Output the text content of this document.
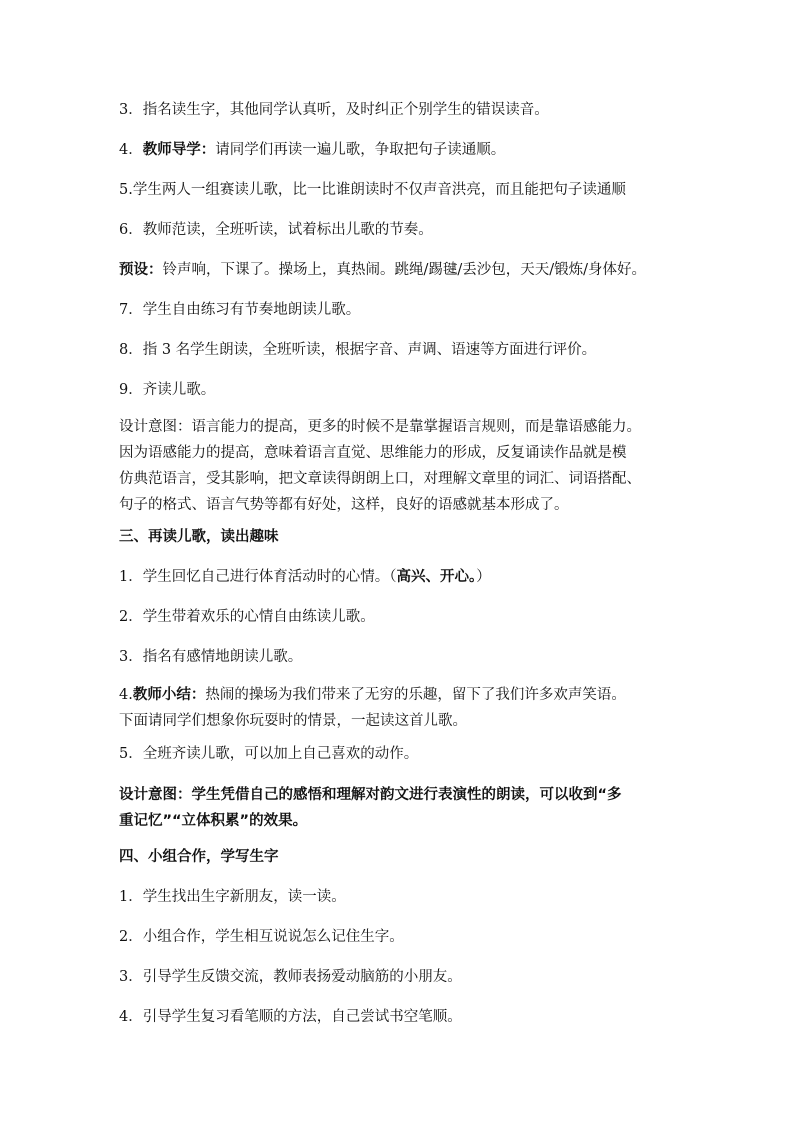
3．指名读生字，其他同学认真听，及时纠正个别学生的错误读音。
4．教师导学：请同学们再读一遍儿歌，争取把句子读通顺。
5.学生两人一组赛读儿歌，比一比谁朗读时不仅声音洪亮，而且能把句子读通顺
6．教师范读，全班听读，试着标出儿歌的节奏。
预设：铃声响，下课了。操场上，真热闹。跳绳/踢毽/丢沙包，天天/锻炼/身体好。
7．学生自由练习有节奏地朗读儿歌。
8．指 3 名学生朗读，全班听读，根据字音、声调、语速等方面进行评价。
9．齐读儿歌。
设计意图：语言能力的提高，更多的时候不是靠掌握语言规则，而是靠语感能力。
因为语感能力的提高，意味着语言直觉、思维能力的形成，反复诵读作品就是模
仿典范语言，受其影响，把文章读得朗朗上口，对理解文章里的词汇、词语搭配、
句子的格式、语言气势等都有好处，这样，良好的语感就基本形成了。
三、再读儿歌，读出趣味
1．学生回忆自己进行体育活动时的心情。（高兴、开心。）
2．学生带着欢乐的心情自由练读儿歌。
3．指名有感情地朗读儿歌。
4.教师小结：热闹的操场为我们带来了无穷的乐趣，留下了我们许多欢声笑语。
下面请同学们想象你玩耍时的情景，一起读这首儿歌。
5．全班齐读儿歌，可以加上自己喜欢的动作。
设计意图：学生凭借自己的感悟和理解对韵文进行表演性的朗读，可以收到“多
重记忆”“立体积累”的效果。
四、小组合作，学写生字
1．学生找出生字新朋友，读一读。
2．小组合作，学生相互说说怎么记住生字。
3．引导学生反馈交流，教师表扬爱动脑筋的小朋友。
4．引导学生复习看笔顺的方法，自己尝试书空笔顺。
